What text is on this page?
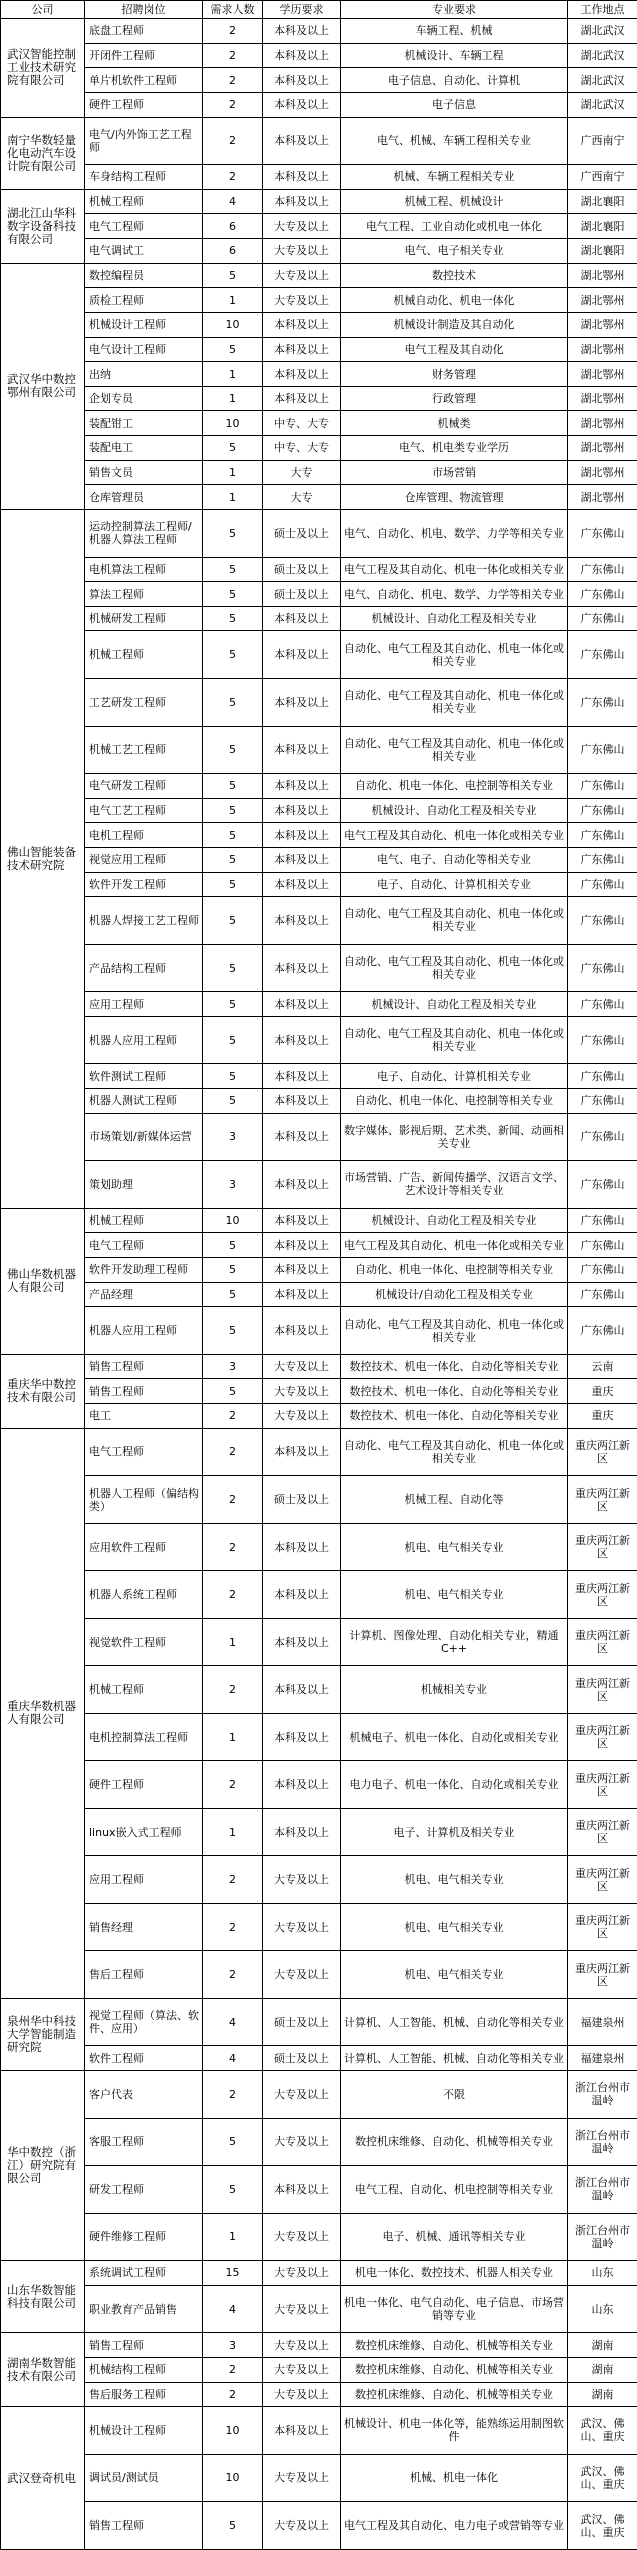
公司	招聘岗位	需求人数	学历要求	专业要求	工作地点
武汉智能控制工业技术研究院有限公司	底盘工程师	2	本科及以上	车辆工程、机械	湖北武汉
	开闭件工程师	2	本科及以上	机械设计、车辆工程	湖北武汉
	单片机软件工程师	2	本科及以上	电子信息、自动化、计算机	湖北武汉
	硬件工程师	2	本科及以上	电子信息	湖北武汉
南宁华数轻量化电动汽车设计院有限公司	电气/内外饰工艺工程师	2	本科及以上	电气、机械、车辆工程相关专业	广西南宁
	车身结构工程师	2	本科及以上	机械、车辆工程相关专业	广西南宁
湖北江山华科数字设备科技有限公司	机械工程师	4	本科及以上	机械工程、机械设计	湖北襄阳
	电气工程师	6	大专及以上	电气工程、工业自动化或机电一体化	湖北襄阳
	电气调试工	6	大专及以上	电气、电子相关专业	湖北襄阳
武汉华中数控鄂州有限公司	数控编程员	5	大专及以上	数控技术	湖北鄂州
	质检工程师	1	大专及以上	机械自动化、机电一体化	湖北鄂州
	机械设计工程师	10	本科及以上	机械设计制造及其自动化	湖北鄂州
	电气设计工程师	5	本科及以上	电气工程及其自动化	湖北鄂州
	出纳	1	本科及以上	财务管理	湖北鄂州
	企划专员	1	本科及以上	行政管理	湖北鄂州
	装配钳工	10	中专、大专	机械类	湖北鄂州
	装配电工	5	中专、大专	电气、机电类专业学历	湖北鄂州
	销售文员	1	大专	市场营销	湖北鄂州
	仓库管理员	1	大专	仓库管理、物流管理	湖北鄂州
佛山智能装备技术研究院	运动控制算法工程师/机器人算法工程师	5	硕士及以上	电气、自动化、机电、数学、力学等相关专业	广东佛山
	电机算法工程师	5	硕士及以上	电气工程及其自动化、机电一体化或相关专业	广东佛山
	算法工程师	5	硕士及以上	电气、自动化、机电、数学、力学等相关专业	广东佛山
	机械研发工程师	5	本科及以上	机械设计、自动化工程及相关专业	广东佛山
	机械工程师	5	本科及以上	自动化、电气工程及其自动化、机电一体化或相关专业	广东佛山
	工艺研发工程师	5	本科及以上	自动化、电气工程及其自动化、机电一体化或相关专业	广东佛山
	机械工艺工程师	5	本科及以上	自动化、电气工程及其自动化、机电一体化或相关专业	广东佛山
	电气研发工程师	5	本科及以上	自动化、机电一体化、电控制等相关专业	广东佛山
	电气工艺工程师	5	本科及以上	机械设计、自动化工程及相关专业	广东佛山
	电机工程师	5	本科及以上	电气工程及其自动化、机电一体化或相关专业	广东佛山
	视觉应用工程师	5	本科及以上	电气、电子、自动化等相关专业	广东佛山
	软件开发工程师	5	本科及以上	电子、自动化、计算机相关专业	广东佛山
	机器人焊接工艺工程师	5	本科及以上	自动化、电气工程及其自动化、机电一体化或相关专业	广东佛山
	产品结构工程师	5	本科及以上	自动化、电气工程及其自动化、机电一体化或相关专业	广东佛山
	应用工程师	5	本科及以上	机械设计、自动化工程及相关专业	广东佛山
	机器人应用工程师	5	本科及以上	自动化、电气工程及其自动化、机电一体化或相关专业	广东佛山
	软件测试工程师	5	本科及以上	电子、自动化、计算机相关专业	广东佛山
	机器人测试工程师	5	本科及以上	自动化、机电一体化、电控制等相关专业	广东佛山
	市场策划/新媒体运营	3	本科及以上	数字媒体、影视后期、艺术类、新闻、动画相关专业	广东佛山
	策划助理	3	本科及以上	市场营销、广告、新闻传播学、汉语言文学、艺术设计等相关专业	广东佛山
佛山华数机器人有限公司	机械工程师	10	本科及以上	机械设计、自动化工程及相关专业	广东佛山
	电气工程师	5	本科及以上	电气工程及其自动化、机电一体化或相关专业	广东佛山
	软件开发助理工程师	5	本科及以上	自动化、机电一体化、电控制等相关专业	广东佛山
	产品经理	5	本科及以上	机械设计/自动化工程及相关专业	广东佛山
	机器人应用工程师	5	本科及以上	自动化、电气工程及其自动化、机电一体化或相关专业	广东佛山
重庆华中数控技术有限公司	销售工程师	3	大专及以上	数控技术、机电一体化、自动化等相关专业	云南
	销售工程师	5	大专及以上	数控技术、机电一体化、自动化等相关专业	重庆
	电工	2	大专及以上	数控技术、机电一体化、自动化等相关专业	重庆
重庆华数机器人有限公司	电气工程师	2	本科及以上	自动化、电气工程及其自动化、机电一体化或相关专业	重庆两江新区
	机器人工程师（偏结构类）	2	硕士及以上	机械工程、自动化等	重庆两江新区
	应用软件工程师	2	本科及以上	机电、电气相关专业	重庆两江新区
	机器人系统工程师	2	本科及以上	机电、电气相关专业	重庆两江新区
	视觉软件工程师	1	本科及以上	计算机、图像处理、自动化相关专业，精通C++	重庆两江新区
	机械工程师	2	本科及以上	机械相关专业	重庆两江新区
	电机控制算法工程师	1	本科及以上	机械电子、机电一体化、自动化或相关专业	重庆两江新区
	硬件工程师	2	本科及以上	电力电子、机电一体化、自动化或相关专业	重庆两江新区
	linux嵌入式工程师	1	本科及以上	电子、计算机及相关专业	重庆两江新区
	应用工程师	2	大专及以上	机电、电气相关专业	重庆两江新区
	销售经理	2	大专及以上	机电、电气相关专业	重庆两江新区
	售后工程师	2	大专及以上	机电、电气相关专业	重庆两江新区
泉州华中科技大学智能制造研究院	视觉工程师（算法、软件、应用）	4	硕士及以上	计算机、人工智能、机械、自动化等相关专业	福建泉州
	软件工程师	4	硕士及以上	计算机、人工智能、机械、自动化等相关专业	福建泉州
华中数控（浙江）研究院有限公司	客户代表	2	大专及以上	不限	浙江台州市温岭
	客服工程师	5	大专及以上	数控机床维修、自动化、机械等相关专业	浙江台州市温岭
	研发工程师	5	本科及以上	电气工程、自动化、机电控制等相关专业	浙江台州市温岭
	硬件维修工程师	1	大专及以上	电子、机械、通讯等相关专业	浙江台州市温岭
山东华数智能科技有限公司	系统调试工程师	15	大专及以上	机电一体化、数控技术、机器人相关专业	山东
	职业教育产品销售	4	大专及以上	机电一体化、电气自动化、电子信息、市场营销等专业	山东
湖南华数智能技术有限公司	销售工程师	3	大专及以上	数控机床维修、自动化、机械等相关专业	湖南
	机械结构工程师	2	大专及以上	数控机床维修、自动化、机械等相关专业	湖南
	售后服务工程师	2	大专及以上	数控机床维修、自动化、机械等相关专业	湖南
武汉登奇机电	机械设计工程师	10	本科及以上	机械设计、机电一体化等，能熟练运用制图软件	武汉、佛山、重庆
	调试员/测试员	10	大专及以上	机械、机电一体化	武汉、佛山、重庆
	销售工程师	5	大专及以上	电气工程及其自动化、电力电子或营销等专业	武汉、佛山、重庆
